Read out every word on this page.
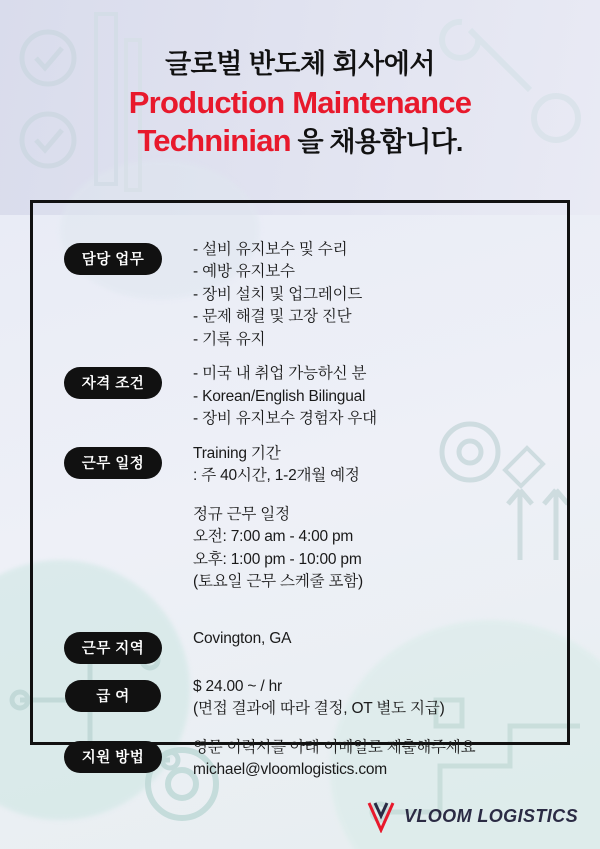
글로벌 반도체 회사에서
Production Maintenance
Techninian 을 채용합니다.
담당 업무

- 설비 유지보수 및 수리

- 예방 유지보수

- 장비 설치 및 업그레이드

- 문제 해결 및 고장 진단

- 기록 유지

자격 조건

- 미국 내 취업 가능하신 분

- Korean/English Bilingual

- 장비 유지보수 경험자 우대

근무 일정

Training 기간

: 주 40시간, 1-2개월 예정

정규 근무 일정

오전: 7:00 am - 4:00 pm

오후: 1:00 pm - 10:00 pm

(토요일 근무 스케줄 포함)

근무 지역

Covington, GA

급 여

$ 24.00 ~ / hr

(면접 결과에 따라 결정, OT 별도 지급)

지원 방법

영문 이력서를 아래 이메일로 제출해주세요

michael@vloomlogistics.com

VLOOM LOGISTICS
